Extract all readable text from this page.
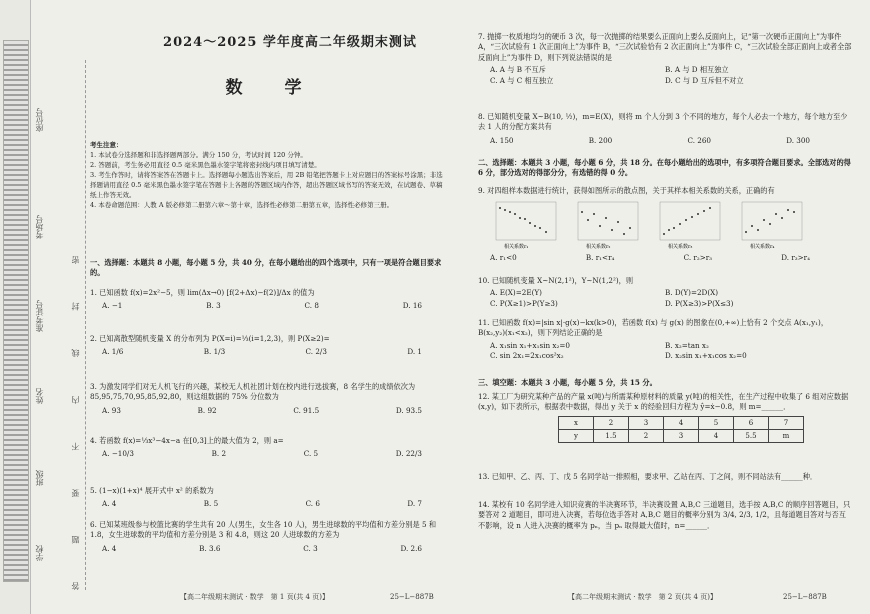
座位号
考场号
准考证号
姓名
班级
学校	答 题 要 不 内 线 封 密
2024～2025 学年度高二年级期末测试
数 学
考生注意：
1. 本试卷分选择题和非选择题两部分。满分 150 分，考试时间 120 分钟。
2. 答题前，考生务必用直径 0.5 毫米黑色墨水签字笔将密封线内项目填写清楚。
3. 考生作答时，请将答案答在答题卡上。选择题每小题选出答案后，用 2B 铅笔把答题卡上对应题目的答案标号涂黑；非选择题请用直径 0.5 毫米黑色墨水签字笔在答题卡上各题的答题区域内作答，超出答题区域书写的答案无效，在试题卷、草稿纸上作答无效。
4. 本卷命题范围：人教 A 版必修第二册第六章～第十章，选择性必修第二册第五章，选择性必修第三册。
一、选择题：本题共 8 小题，每小题 5 分，共 40 分，在每小题给出的四个选项中，只有一项是符合题目要求的。
1. 已知函数 f(x)=2x²−5，则 lim(Δx→0) [f(2+Δx)−f(2)]/Δx 的值为
A. −1	B. 3	C. 8	D. 16
2. 已知离散型随机变量 X 的分布列为 P(X=i)=⅓(i=1,2,3)，则 P(X≥2)=
A. 1/6	B. 1/3	C. 2/3	D. 1
3. 为激发同学们对无人机飞行的兴趣，某校无人机社团计划在校内进行选拔赛，8 名学生的成绩依次为 85,95,75,70,95,85,92,80，则这组数据的 75% 分位数为
A. 93	B. 92	C. 91.5	D. 93.5
4. 若函数 f(x)=⅓x³−4x−a 在[0,3]上的最大值为 2，则 a=
A. −10/3	B. 2	C. 5	D. 22/3
5. (1−x)(1+x)⁴ 展开式中 x² 的系数为
A. 4	B. 5	C. 6	D. 7
6. 已知某班级参与校篮比赛的学生共有 20 人(男生，女生各 10 人)，男生进球数的平均值和方差分别是 5 和 1.8，女生进球数的平均值和方差分别是 3 和 4.8，则这 20 人进球数的方差为
A. 4	B. 3.6	C. 3	D. 2.6
【高二年级期末测试 · 数学　第 1 页(共 4 页)】	25−L−887B
7. 抛掷一枚质地均匀的硬币 3 次，每一次抛掷的结果要么正面向上要么反面向上，记“第一次硬币正面向上”为事件 A，“三次试验有 1 次正面向上”为事件 B，“三次试验恰有 2 次正面向上”为事件 C，“三次试验全部正面向上或者全部反面向上”为事件 D，则下列说法错误的是
A. A 与 B 不互斥	B. A 与 D 相互独立
C. A 与 C 相互独立	D. C 与 D 互斥但不对立
8. 已知随机变量 X~B(10, ½)，m=E(X)，则将 m 个人分到 3 个不同的地方，每个人必去一个地方，每个地方至少去 1 人的分配方案共有
A. 150	B. 200	C. 260	D. 300
二、选择题：本题共 3 小题，每小题 6 分，共 18 分。在每小题给出的选项中，有多项符合题目要求。全部选对的得 6 分，部分选对的得部分分，有选错的得 0 分。
9. 对四组样本数据进行统计，获得如图所示的散点图，关于其样本相关系数的关系，正确的有
相关系数r₁	相关系数r₂	相关系数r₃	相关系数r₄
A. r₁<0	B. r₁<r₄	C. r₂>r₃	D. r₃>r₄
10. 已知随机变量 X~N(2,1²)，Y~N(1,2²)，则
A. E(X)=2E(Y)	B. D(Y)=2D(X)
C. P(X≥1)>P(Y≥3)	D. P(X≥3)>P(X≤3)
11. 已知函数 f(x)=|sin x|·g(x)−kx(k>0)，若函数 f(x) 与 g(x) 的图象在(0,+∞)上恰有 2 个交点 A(x₁,y₁)，B(x₂,y₂)(x₁<x₂)，则下列结论正确的是
A. x₁sin x₁+x₁sin x₂=0	B. x₂=tan x₂
C. sin 2x₁=2x₁cos²x₂	D. x₂sin x₁+x₁cos x₂=0
三、填空题：本题共 3 小题，每小题 5 分，共 15 分。
12. 某工厂为研究某种产品的产量 x(吨)与所需某种原材料的质量 y(吨)的相关性，在生产过程中收集了 6 组对应数据 (x,y)，如下表所示，根据表中数据，得出 y 关于 x 的经验回归方程为 ŷ=ẋ−0.8，则 m=______．
x	2	3	4	5	6	7
y	1.5	2	3	4	5.5	m
13. 已知甲、乙、丙、丁、戊 5 名同学站一排照相，要求甲、乙站在丙、丁之间，则不同站法有______种．
14. 某校有 10 名同学进入知识竞赛的半决赛环节，半决赛设置 A,B,C 三道题目，选手按 A,B,C 的顺序回答题目，只要答对 2 道题目，即可进入决赛，若每位选手答对 A,B,C 题目的概率分别为 3/4, 2/3, 1/2，且每道题目答对与否互不影响，设 n 人进入决赛的概率为 pₙ，当 pₙ 取得最大值时，n=______．
【高二年级期末测试 · 数学　第 2 页(共 4 页)】	25−L−887B
